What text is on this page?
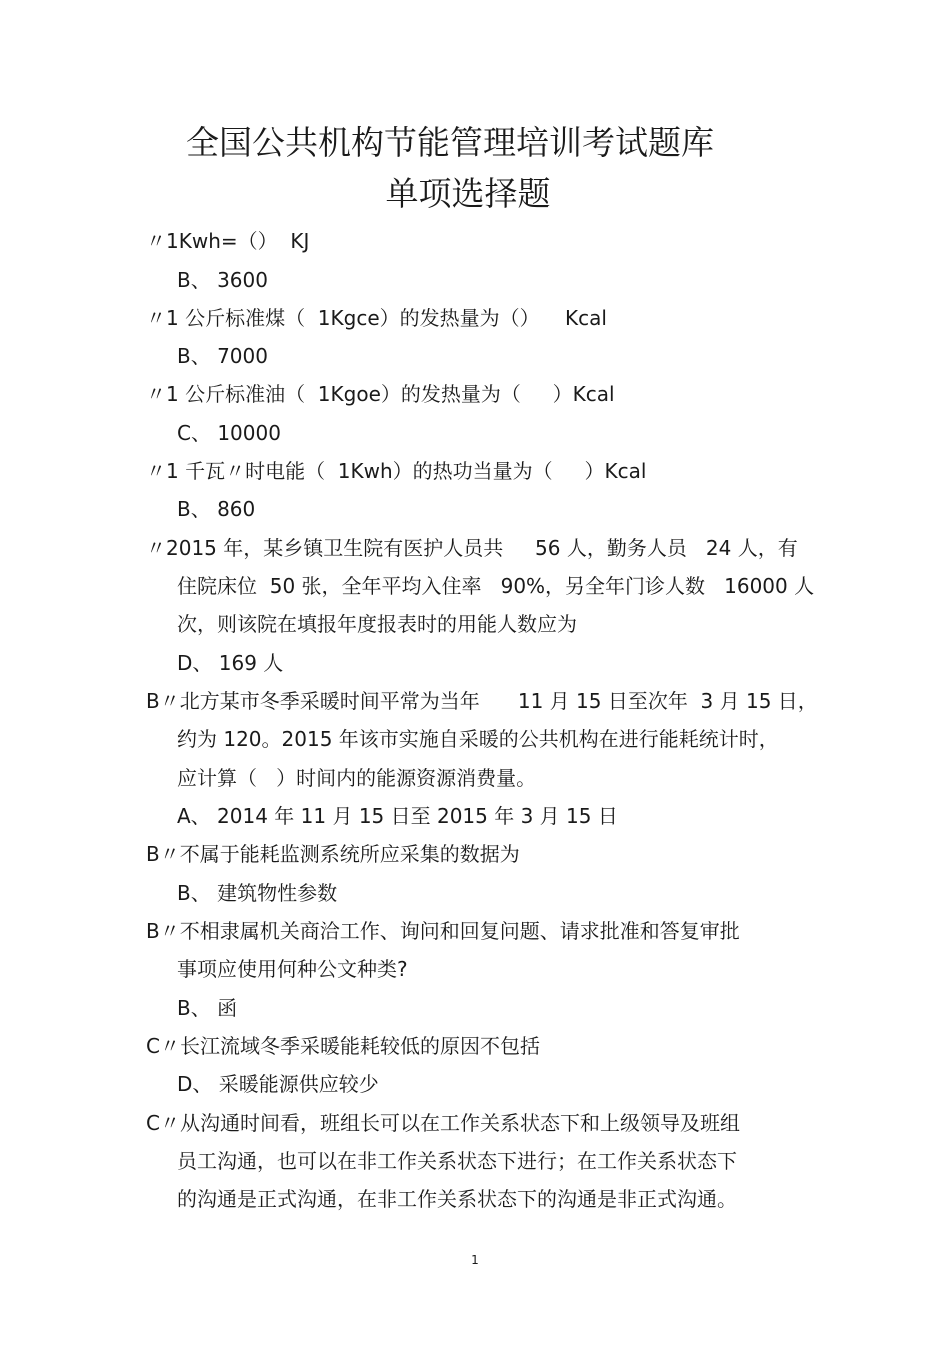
全国公共机构节能管理培训考试题库
单项选择题
〃1Kwh=（）  KJ
B、 3600
〃1 公斤标准煤（  1Kgce）的发热量为（）    Kcal
B、 7000
〃1 公斤标准油（  1Kgoe）的发热量为（     ）Kcal
C、 10000
〃1 千瓦〃时电能（  1Kwh）的热功当量为（     ）Kcal
B、 860
〃2015 年，某乡镇卫生院有医护人员共     56 人，勤务人员   24 人，有
住院床位  50 张，全年平均入住率   90%，另全年门诊人数   16000 人
次，则该院在填报年度报表时的用能人数应为
D、 169 人
B〃北方某市冬季采暖时间平常为当年      11 月 15 日至次年  3 月 15 日，
约为 120。2015 年该市实施自采暖的公共机构在进行能耗统计时，
应计算（   ）时间内的能源资源消费量。
A、 2014 年 11 月 15 日至 2015 年 3 月 15 日
B〃不属于能耗监测系统所应采集的数据为
B、 建筑物性参数
B〃不相隶属机关商洽工作、询问和回复问题、请求批准和答复审批
事项应使用何种公文种类?
B、 函
C〃长江流域冬季采暖能耗较低的原因不包括
D、 采暖能源供应较少
C〃从沟通时间看，班组长可以在工作关系状态下和上级领导及班组
员工沟通，也可以在非工作关系状态下进行；在工作关系状态下
的沟通是正式沟通，在非工作关系状态下的沟通是非正式沟通。
1
